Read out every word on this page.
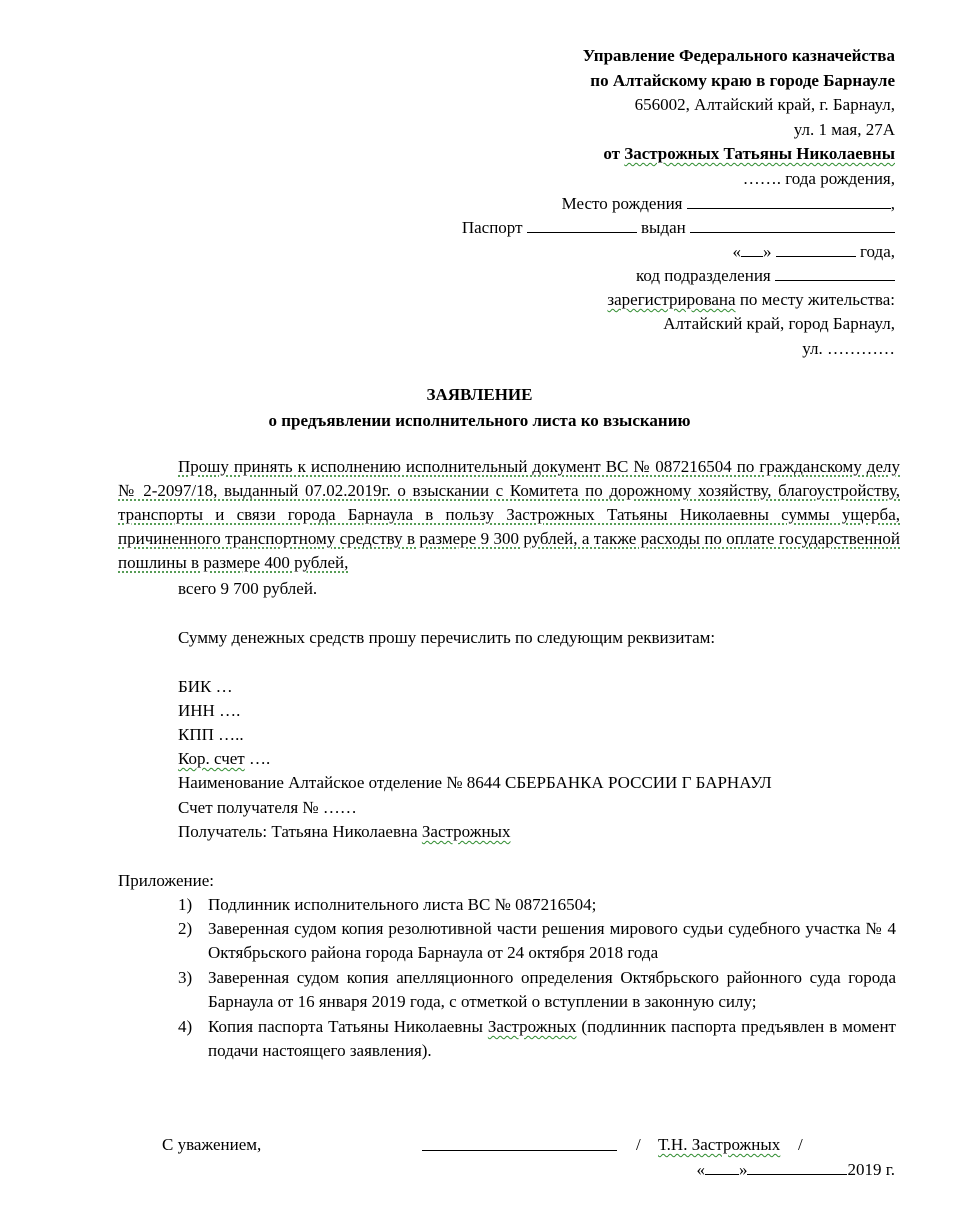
Управление Федерального казначейства
по Алтайскому краю в городе Барнауле
656002, Алтайский край, г. Барнаул,
ул. 1 мая, 27А
от Застрожных Татьяны Николаевны
……. года рождения,
Место рождения	,
Паспорт	выдан
« »	года,
код подразделения
зарегистрирована по месту жительства:
Алтайский край, город Барнаул,
ул. …………
ЗАЯВЛЕНИЕ
о предъявлении исполнительного листа ко взысканию
Прошу принять к исполнению исполнительный документ ВС № 087216504 по гражданскому делу № 2-2097/18, выданный 07.02.2019г. о взыскании с Комитета по дорожному хозяйству, благоустройству, транспорты и связи города Барнаула в пользу Застрожных Татьяны Николаевны суммы ущерба, причиненного транспортному средству в размере 9 300 рублей, а также расходы по оплате государственной пошлины в размере 400 рублей,
всего 9 700 рублей.
Сумму денежных средств прошу перечислить по следующим реквизитам:
БИК …
ИНН ….
КПП …..
Кор. счет ….
Наименование Алтайское отделение № 8644 СБЕРБАНКА РОССИИ Г БАРНАУЛ
Счет получателя № ……
Получатель: Татьяна Николаевна Застрожных
Приложение:
1) Подлинник исполнительного листа ВС № 087216504;
2) Заверенная судом копия резолютивной части решения мирового судьи судебного участка № 4 Октябрьского района города Барнаула от 24 октября 2018 года
3) Заверенная судом копия апелляционного определения Октябрьского районного суда города Барнаула от 16 января 2019 года, с отметкой о вступлении в законную силу;
4) Копия паспорта Татьяны Николаевны Застрожных (подлинник паспорта предъявлен в момент подачи настоящего заявления).
С уважением,	/ Т.Н. Застрожных /
« »	2019 г.
